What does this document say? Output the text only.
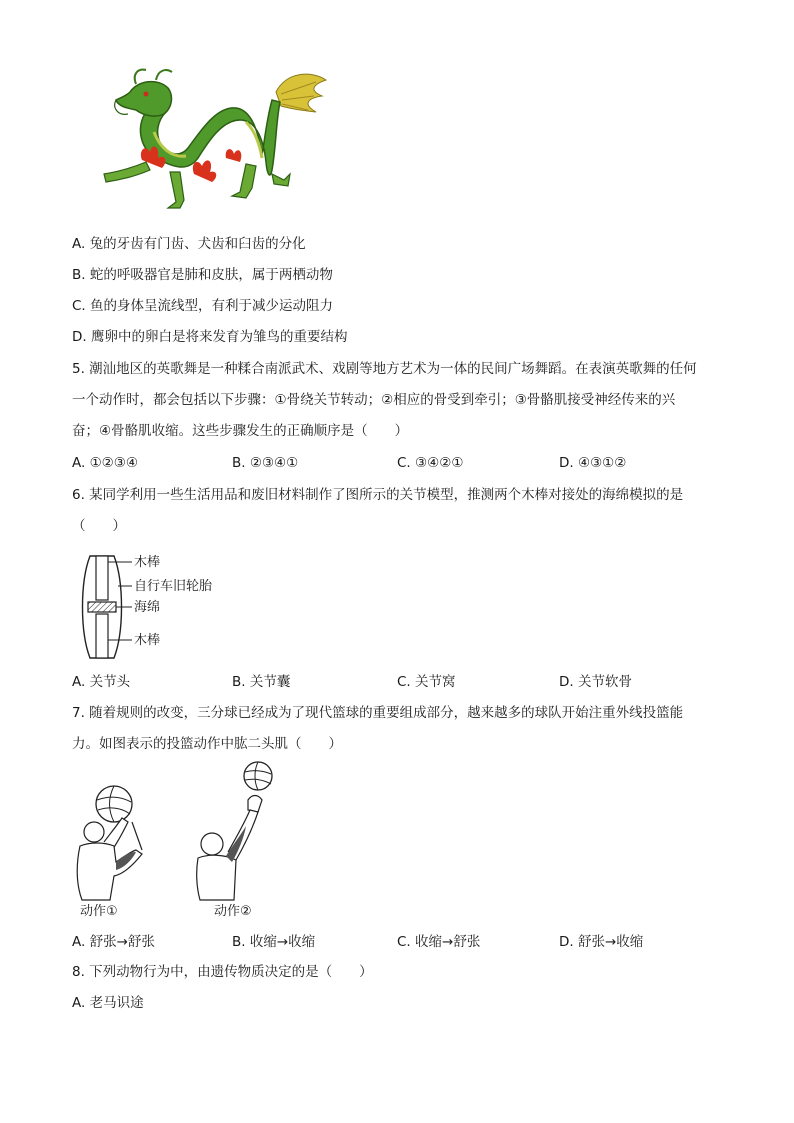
A. 兔的牙齿有门齿、犬齿和臼齿的分化
B. 蛇的呼吸器官是肺和皮肤，属于两栖动物
C. 鱼的身体呈流线型，有利于减少运动阻力
D. 鹰卵中的卵白是将来发育为雏鸟的重要结构
5. 潮汕地区的英歌舞是一种糅合南派武术、戏剧等地方艺术为一体的民间广场舞蹈。在表演英歌舞的任何
一个动作时，都会包括以下步骤：①骨绕关节转动；②相应的骨受到牵引；③骨骼肌接受神经传来的兴
奋；④骨骼肌收缩。这些步骤发生的正确顺序是（　　）
A. ①②③④	B. ②③④①	C. ③④②①	D. ④③①②
6. 某同学利用一些生活用品和废旧材料制作了图所示的关节模型，推测两个木棒对接处的海绵模拟的是
（　　）
木棒
自行车旧轮胎
海绵
木棒
A. 关节头	B. 关节囊	C. 关节窝	D. 关节软骨
7. 随着规则的改变，三分球已经成为了现代篮球的重要组成部分，越来越多的球队开始注重外线投篮能
力。如图表示的投篮动作中肱二头肌（　　）
动作①	动作②
A. 舒张→舒张	B. 收缩→收缩	C. 收缩→舒张	D. 舒张→收缩
8. 下列动物行为中，由遗传物质决定的是（　　）
A. 老马识途
